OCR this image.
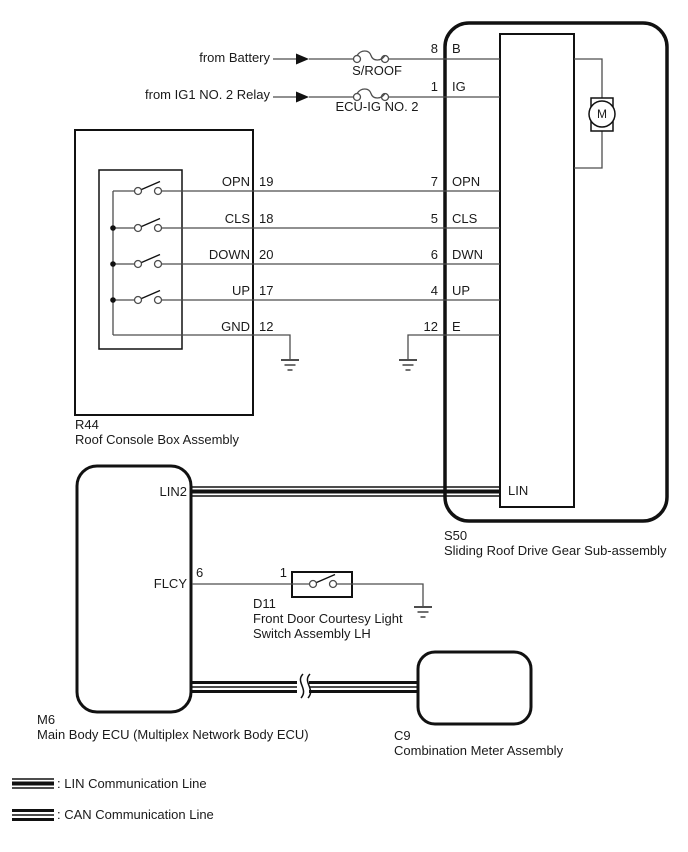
from Battery
S/ROOF
8 B
from IG1 NO. 2 Relay
ECU-IG NO. 2
1 IG
M
OPN 19	7 OPN
CLS 18	5 CLS
DOWN 20	6 DWN
UP 17	4 UP
GND 12	12 E
R44
Roof Console Box Assembly
S50
Sliding Roof Drive Gear Sub-assembly
M6
Main Body ECU (Multiplex Network Body ECU)	C9
Combination Meter Assembly
LIN2	LIN
FLCY
6	1
D11
Front Door Courtesy Light
Switch Assembly LH
: LIN Communication Line
: CAN Communication Line
